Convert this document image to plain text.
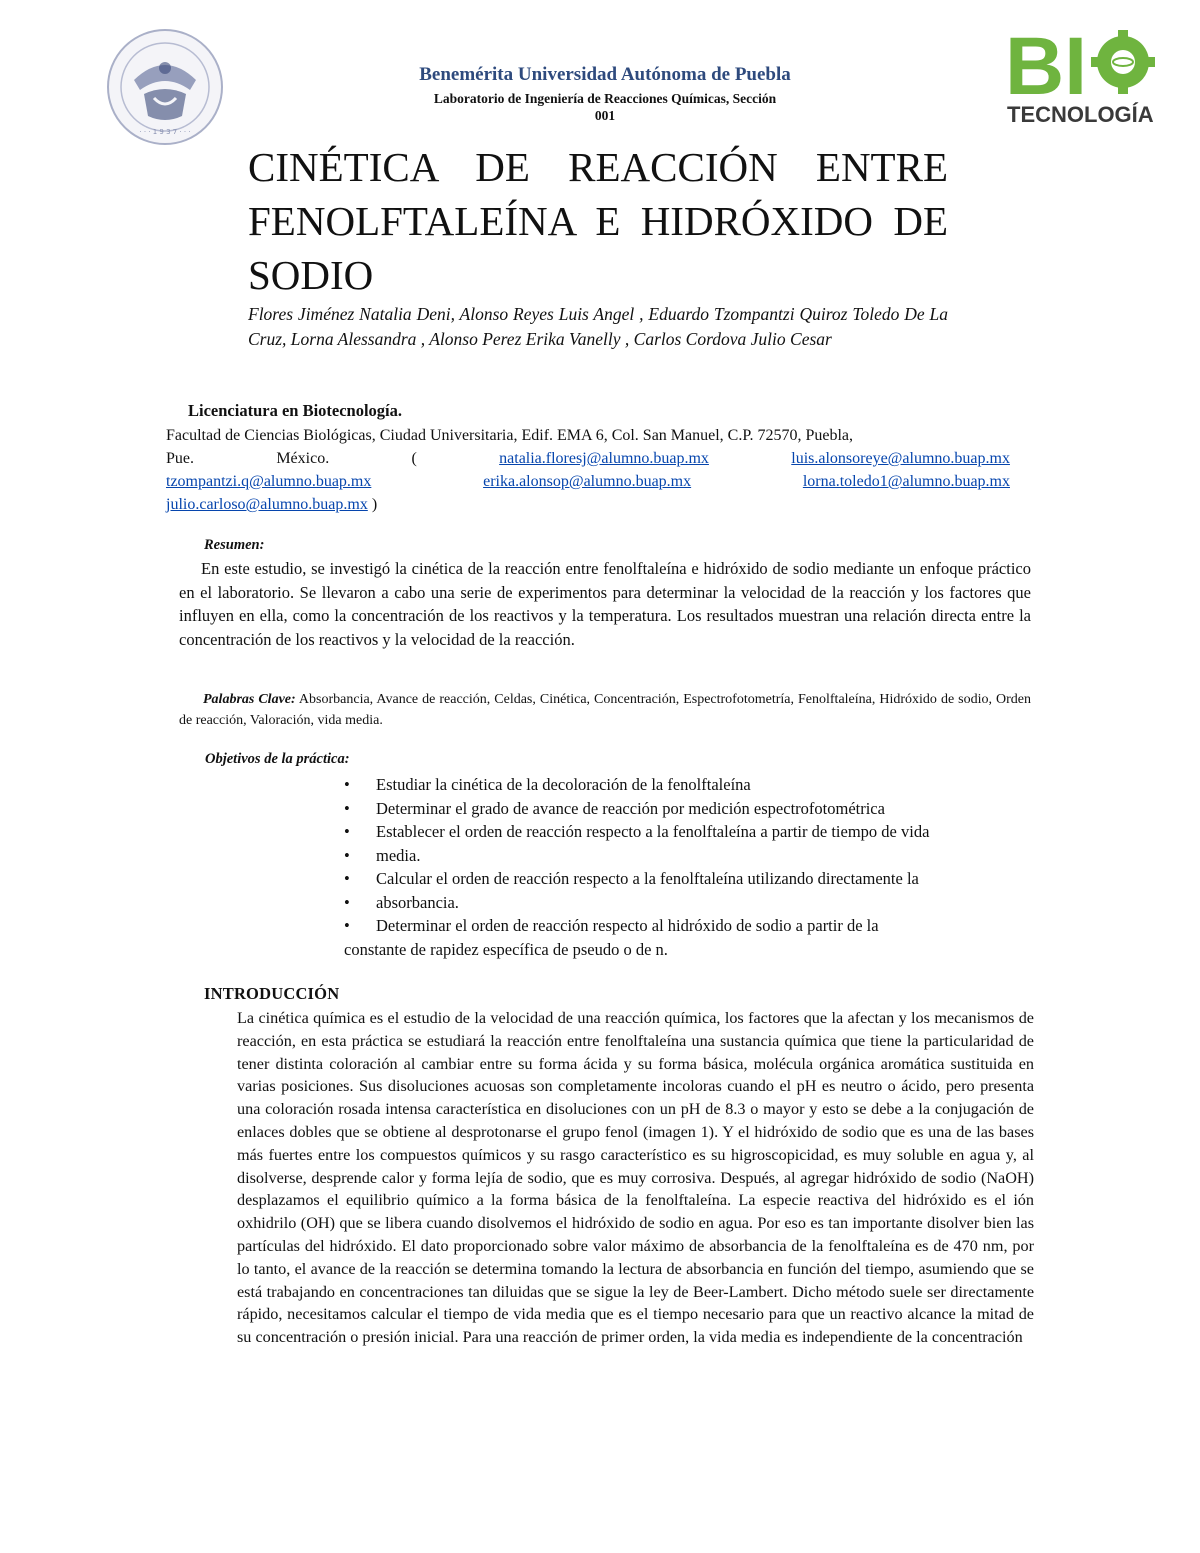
· · · 1 9 3 7 · · ·
Benemérita Universidad Autónoma de Puebla
Laboratorio de Ingeniería de Reacciones Químicas, Sección
001
BI
TECNOLOGÍA
CINÉTICA DE REACCIÓN ENTRE FENOLFTALEÍNA E HIDRÓXIDO DE SODIO
Flores Jiménez Natalia Deni, Alonso Reyes Luis Angel , Eduardo Tzompantzi Quiroz Toledo De La Cruz, Lorna Alessandra , Alonso Perez Erika Vanelly , Carlos Cordova Julio Cesar
Licenciatura en Biotecnología.
Facultad de Ciencias Biológicas, Ciudad Universitaria, Edif. EMA 6, Col. San Manuel, C.P. 72570, Puebla,
Pue.	México.	(	natalia.floresj@alumno.buap.mx	luis.alonsoreye@alumno.buap.mx
tzompantzi.q@alumno.buap.mx	erika.alonsop@alumno.buap.mx	lorna.toledo1@alumno.buap.mx
julio.carloso@alumno.buap.mx )
Resumen:
En este estudio, se investigó la cinética de la reacción entre fenolftaleína e hidróxido de sodio mediante un enfoque práctico en el laboratorio. Se llevaron a cabo una serie de experimentos para determinar la velocidad de la reacción y los factores que influyen en ella, como la concentración de los reactivos y la temperatura. Los resultados muestran una relación directa entre la concentración de los reactivos y la velocidad de la reacción.
Palabras Clave: Absorbancia, Avance de reacción, Celdas, Cinética, Concentración, Espectrofotometría, Fenolftaleína, Hidróxido de sodio, Orden de reacción, Valoración, vida media.
Objetivos de la práctica:
• Estudiar la cinética de la decoloración de la fenolftaleína
• Determinar el grado de avance de reacción por medición espectrofotométrica
• Establecer el orden de reacción respecto a la fenolftaleína a partir de tiempo de vida
• media.
• Calcular el orden de reacción respecto a la fenolftaleína utilizando directamente la
• absorbancia.
• Determinar el orden de reacción respecto al hidróxido de sodio a partir de la
constante de rapidez específica de pseudo o de n.
INTRODUCCIÓN
La cinética química es el estudio de la velocidad de una reacción química, los factores que la afectan y los mecanismos de reacción, en esta práctica se estudiará la reacción entre fenolftaleína una sustancia química que tiene la particularidad de tener distinta coloración al cambiar entre su forma ácida y su forma básica, molécula orgánica aromática sustituida en varias posiciones. Sus disoluciones acuosas son completamente incoloras cuando el pH es neutro o ácido, pero presenta una coloración rosada intensa característica en disoluciones con un pH de 8.3 o mayor y esto se debe a la conjugación de enlaces dobles que se obtiene al desprotonarse el grupo fenol (imagen 1). Y el hidróxido de sodio que es una de las bases más fuertes entre los compuestos químicos y su rasgo característico es su higroscopicidad, es muy soluble en agua y, al disolverse, desprende calor y forma lejía de sodio, que es muy corrosiva. Después, al agregar hidróxido de sodio (NaOH) desplazamos el equilibrio químico a la forma básica de la fenolftaleína. La especie reactiva del hidróxido es el ión oxhidrilo (OH) que se libera cuando disolvemos el hidróxido de sodio en agua. Por eso es tan importante disolver bien las partículas del hidróxido. El dato proporcionado sobre valor máximo de absorbancia de la fenolftaleína es de 470 nm, por lo tanto, el avance de la reacción se determina tomando la lectura de absorbancia en función del tiempo, asumiendo que se está trabajando en concentraciones tan diluidas que se sigue la ley de Beer-Lambert. Dicho método suele ser directamente rápido, necesitamos calcular el tiempo de vida media que es el tiempo necesario para que un reactivo alcance la mitad de su concentración o presión inicial. Para una reacción de primer orden, la vida media es independiente de la concentración
